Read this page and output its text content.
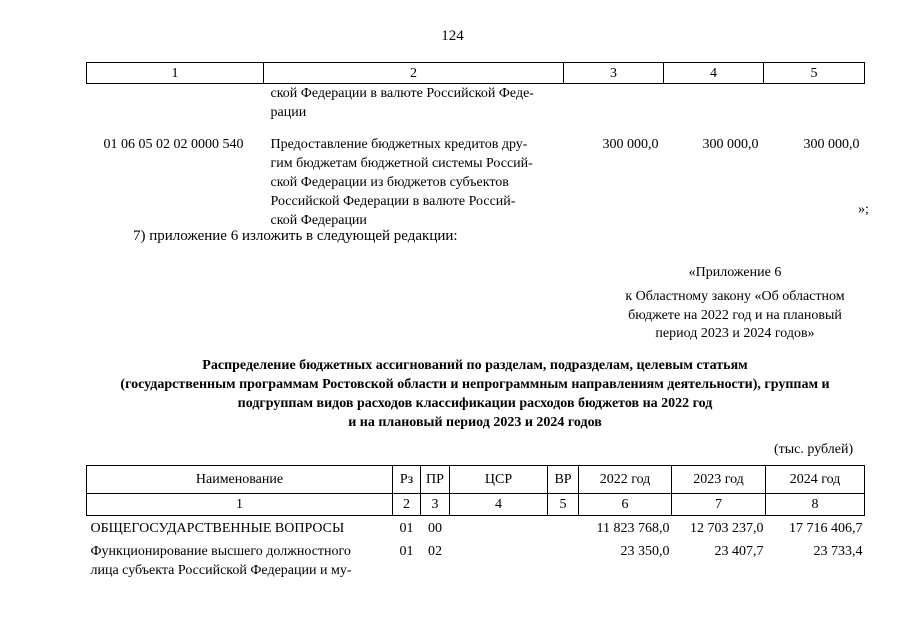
124
1	2	3	4	5

	ской Федерации в валюте Российской Феде-
рации			

01 06 05 02 02 0000 540	Предоставление бюджетных кредитов дру-
гим бюджетам бюджетной системы Россий-
ской Федерации из бюджетов субъектов
Российской Федерации в валюте Россий-
ской Федерации	300 000,0	300 000,0	300 000,0
»;
7) приложение 6 изложить в следующей редакции:
«Приложение 6
к Областному закону «Об областном
бюджете на 2022 год и на плановый
период 2023 и 2024 годов»
Распределение бюджетных ассигнований по разделам, подразделам, целевым статьям
(государственным программам Ростовской области и непрограммным направлениям деятельности), группам и
подгруппам видов расходов классификации расходов бюджетов на 2022 год
и на плановый период 2023 и 2024 годов
(тыс. рублей)
Наименование	Рз	ПР	ЦСР	ВР	2022 год	2023 год	2024 год
1	2	3	4	5	6	7	8
ОБЩЕГОСУДАРСТВЕННЫЕ ВОПРОСЫ	01	00			11 823 768,0	12 703 237,0	17 716 406,7

Функционирование высшего должностного
лица субъекта Российской Федерации и му-	01	02			23 350,0	23 407,7	23 733,4
